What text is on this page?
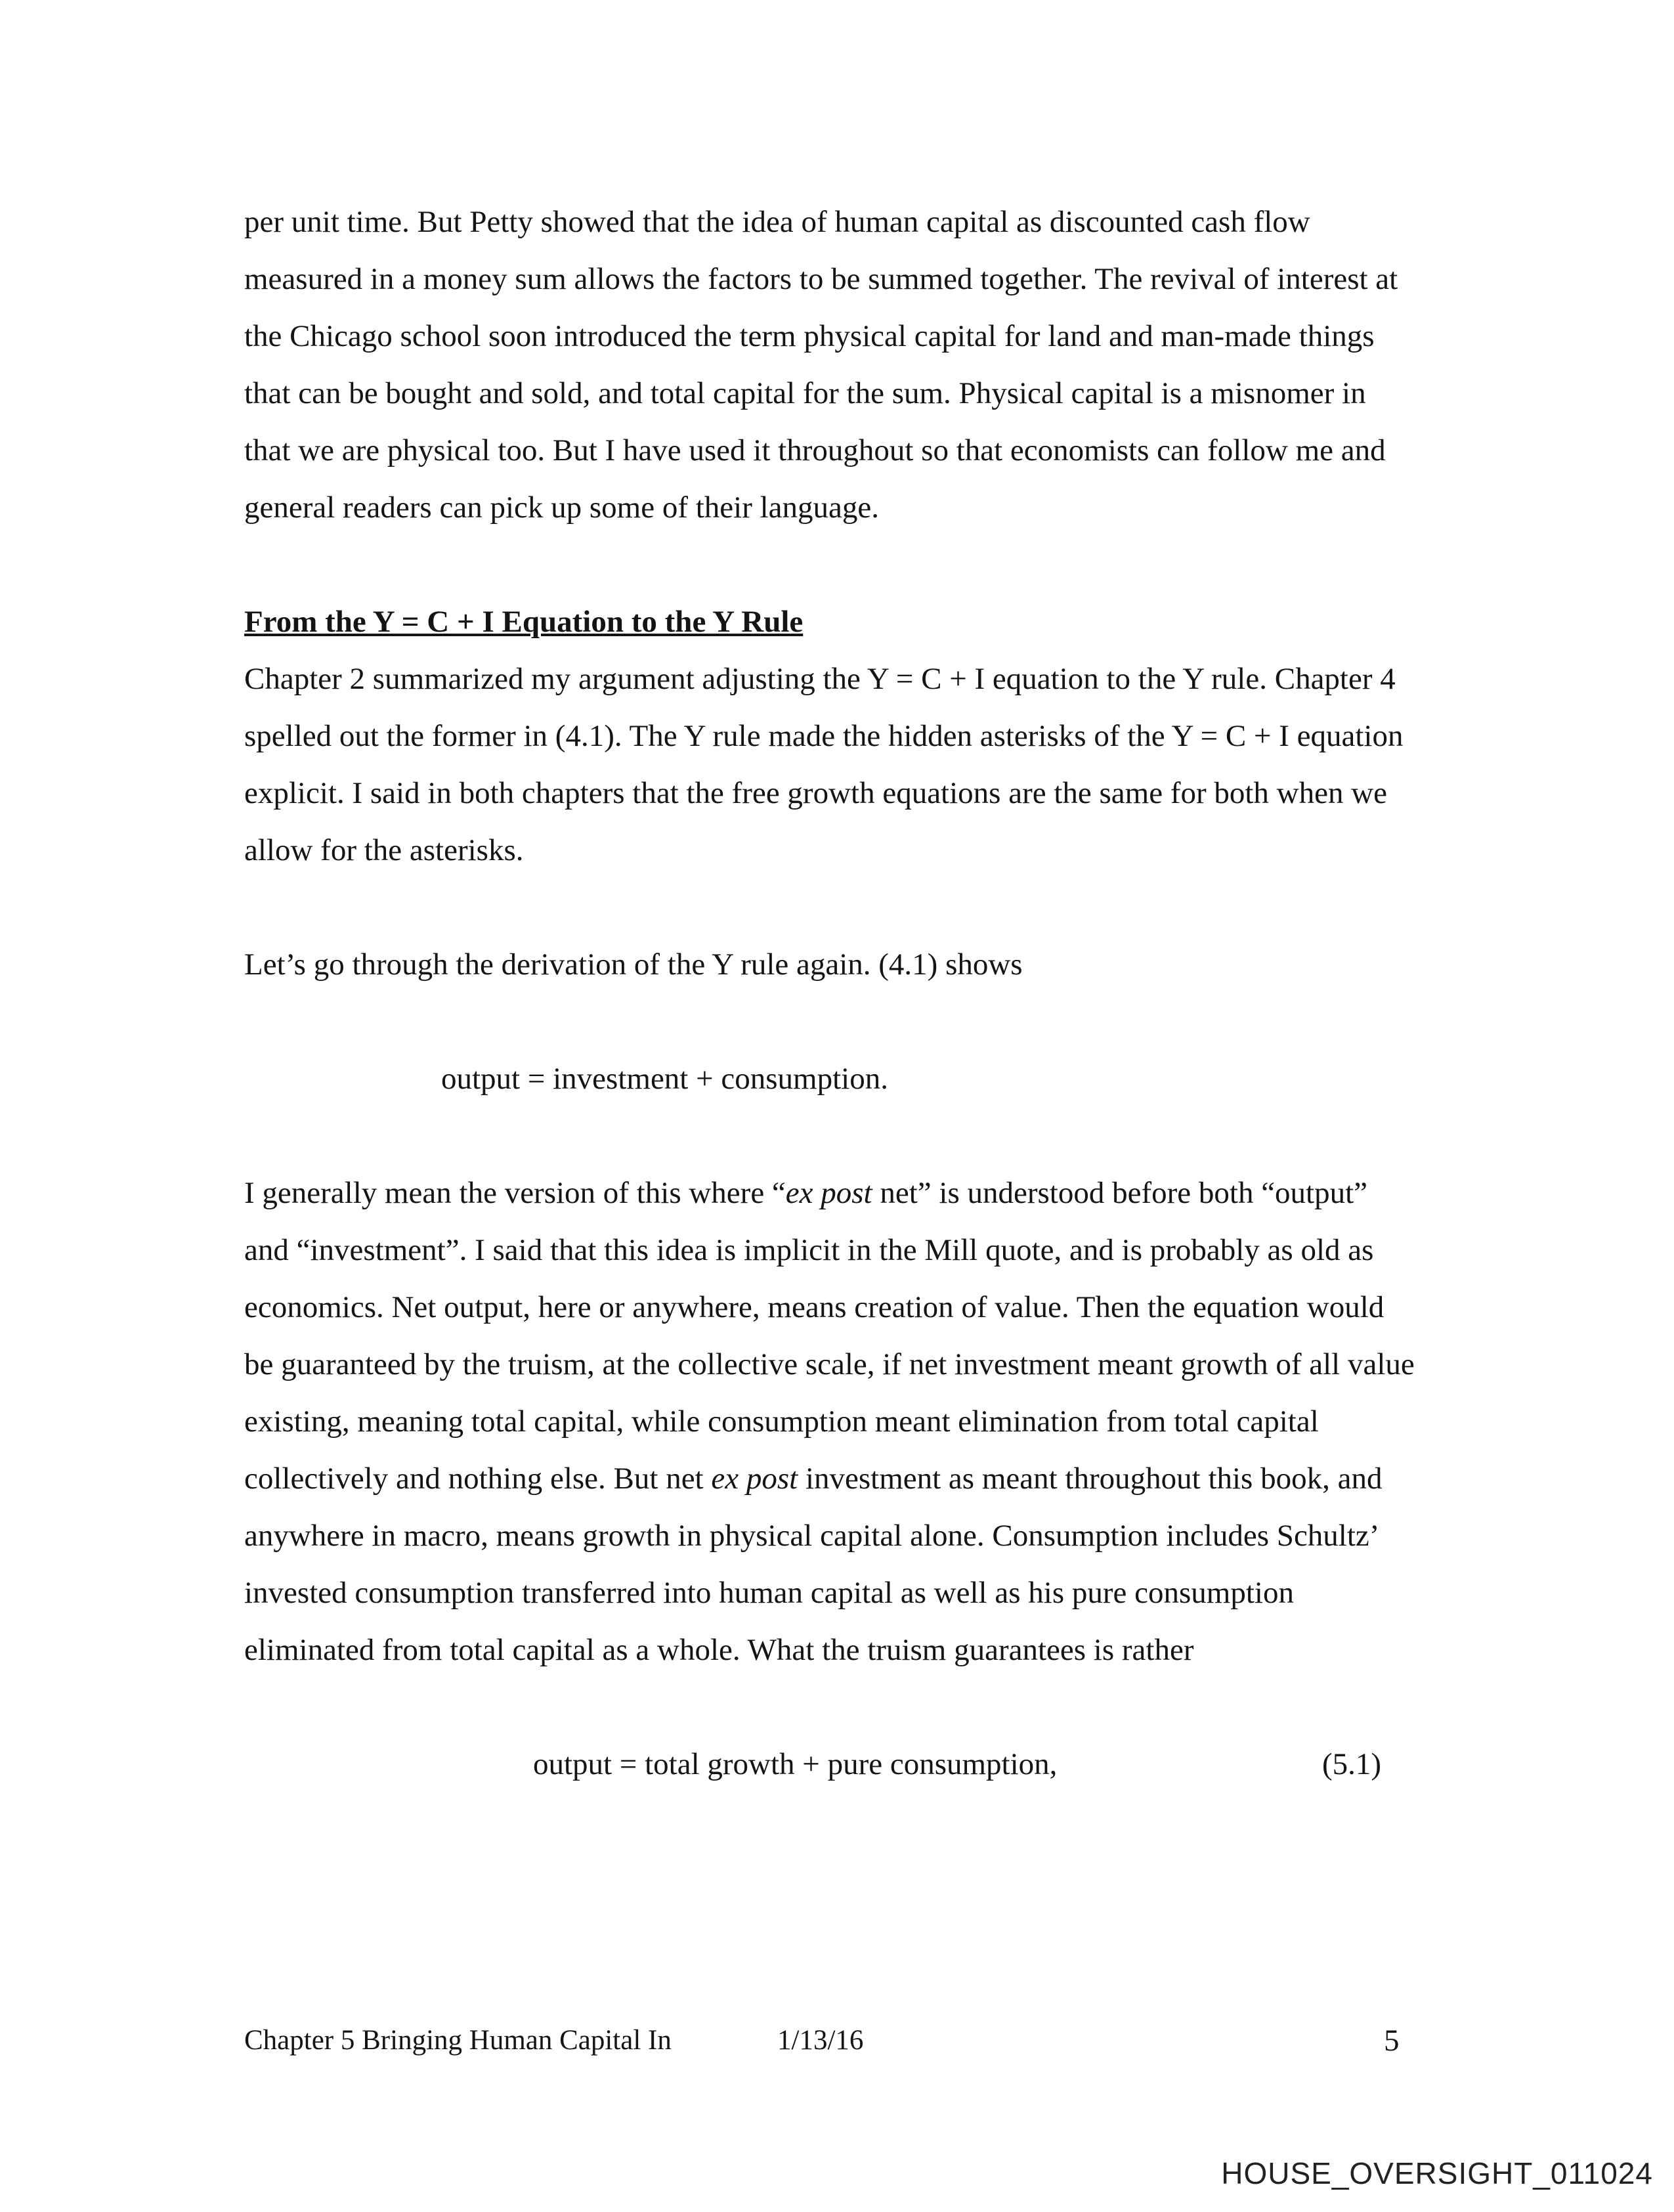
per unit time. But Petty showed that the idea of human capital as discounted cash flow measured in a money sum allows the factors to be summed together. The revival of interest at the Chicago school soon introduced the term physical capital for land and man-made things that can be bought and sold, and total capital for the sum. Physical capital is a misnomer in that we are physical too. But I have used it throughout so that economists can follow me and general readers can pick up some of their language.

From the Y = C + I Equation to the Y Rule

Chapter 2 summarized my argument adjusting the Y = C + I equation to the Y rule. Chapter 4 spelled out the former in (4.1). The Y rule made the hidden asterisks of the Y = C + I equation explicit. I said in both chapters that the free growth equations are the same for both when we allow for the asterisks.

Let’s go through the derivation of the Y rule again. (4.1) shows

output = investment + consumption.

I generally mean the version of this where “ex post net” is understood before both “output” and “investment”. I said that this idea is implicit in the Mill quote, and is probably as old as economics. Net output, here or anywhere, means creation of value. Then the equation would be guaranteed by the truism, at the collective scale, if net investment meant growth of all value existing, meaning total capital, while consumption meant elimination from total capital collectively and nothing else. But net ex post investment as meant throughout this book, and anywhere in macro, means growth in physical capital alone. Consumption includes Schultz’ invested consumption transferred into human capital as well as his pure consumption eliminated from total capital as a whole. What the truism guarantees is rather

output = total growth + pure consumption,	(5.1)
Chapter 5 Bringing Human Capital In	1/13/16	5
HOUSE_OVERSIGHT_011024
